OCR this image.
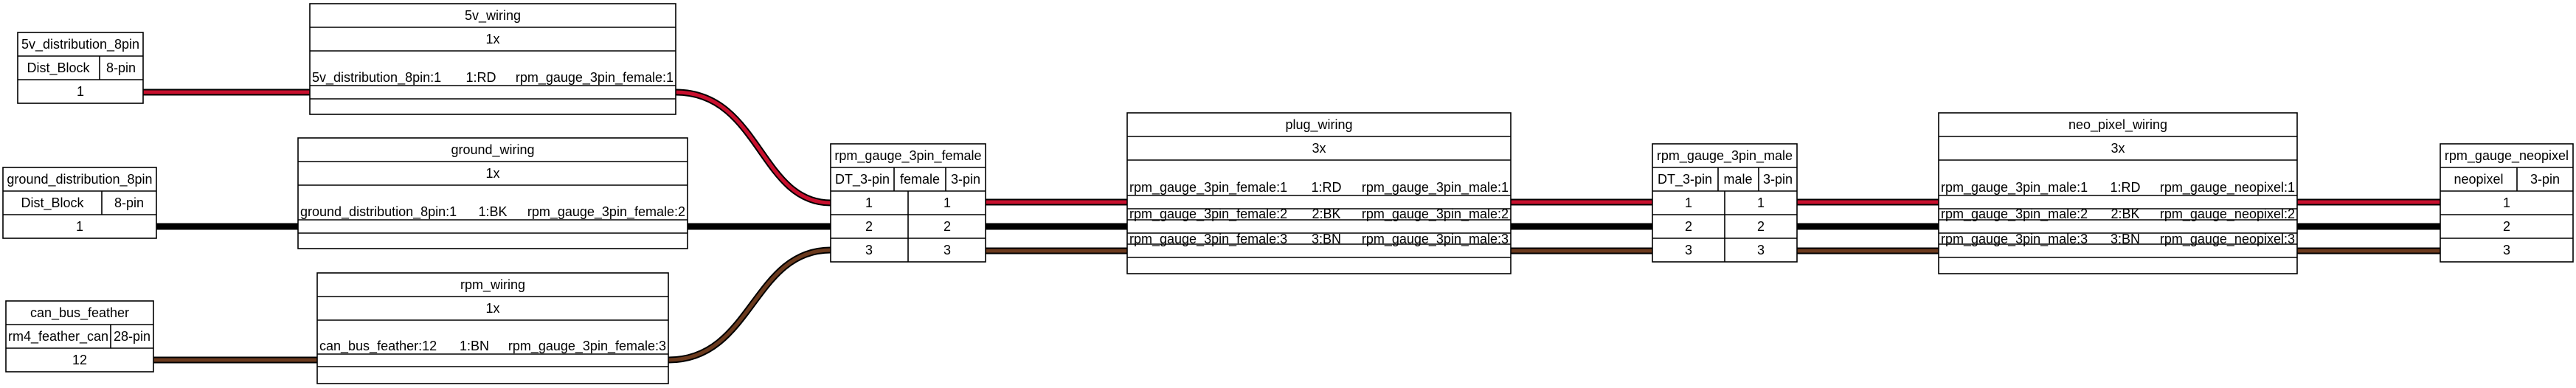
5v_distribution_8pin
Dist_Block 8-pin
1
ground_distribution_8pin
Dist_Block 8-pin
1
can_bus_feather
rm4_feather_can 28-pin
12
5v_wiring
1x
5v_distribution_8pin:1 1:RD rpm_gauge_3pin_female:1
ground_wiring
1x
ground_distribution_8pin:1 1:BK rpm_gauge_3pin_female:2
rpm_wiring
1x
can_bus_feather:12 1:BN rpm_gauge_3pin_female:3
rpm_gauge_3pin_female
DT_3-pin female 3-pin
1
2
3
1
2
3
plug_wiring
3x
rpm_gauge_3pin_female:1 1:RD rpm_gauge_3pin_male:1
rpm_gauge_3pin_female:2 2:BK rpm_gauge_3pin_male:2
rpm_gauge_3pin_female:3 3:BN rpm_gauge_3pin_male:3
rpm_gauge_3pin_male
DT_3-pin male 3-pin
1
2
3
1
2
3
neo_pixel_wiring
3x
rpm_gauge_3pin_male:1 1:RD rpm_gauge_neopixel:1
rpm_gauge_3pin_male:2 2:BK rpm_gauge_neopixel:2
rpm_gauge_3pin_male:3 3:BN rpm_gauge_neopixel:3
rpm_gauge_neopixel
neopixel 3-pin
1
2
3
